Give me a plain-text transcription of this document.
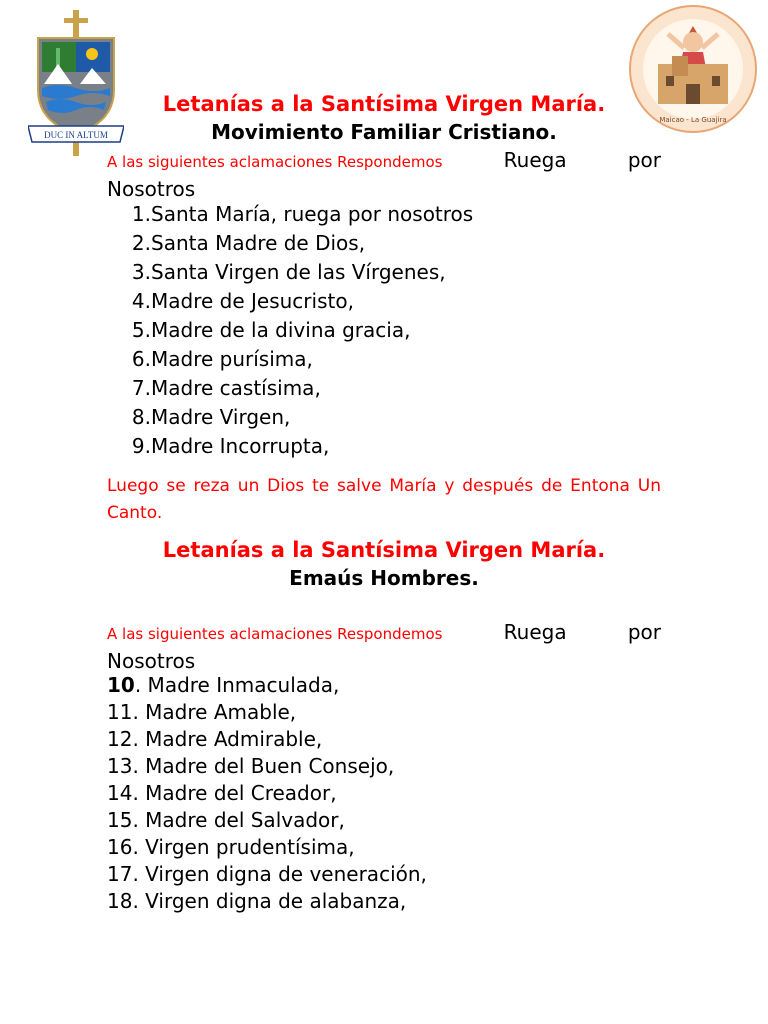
DUC IN ALTUM
Maicao - La Guajira
Letanías a la Santísima Virgen María.
Movimiento Familiar Cristiano.
A las siguientes aclamaciones Respondemos	Ruega	por
Nosotros
1. Santa María, ruega por nosotros
2. Santa Madre de Dios,
3. Santa Virgen de las Vírgenes,
4. Madre de Jesucristo,
5. Madre de la divina gracia,
6. Madre purísima,
7. Madre castísima,
8. Madre Virgen,
9. Madre Incorrupta,
Luego se reza un Dios te salve María y después de Entona Un Canto.
Letanías a la Santísima Virgen María.
Emaús Hombres.
A las siguientes aclamaciones Respondemos	Ruega	por
Nosotros
10. Madre Inmaculada,
11. Madre Amable,
12. Madre Admirable,
13. Madre del Buen Consejo,
14. Madre del Creador,
15. Madre del Salvador,
16. Virgen prudentísima,
17. Virgen digna de veneración,
18. Virgen digna de alabanza,
